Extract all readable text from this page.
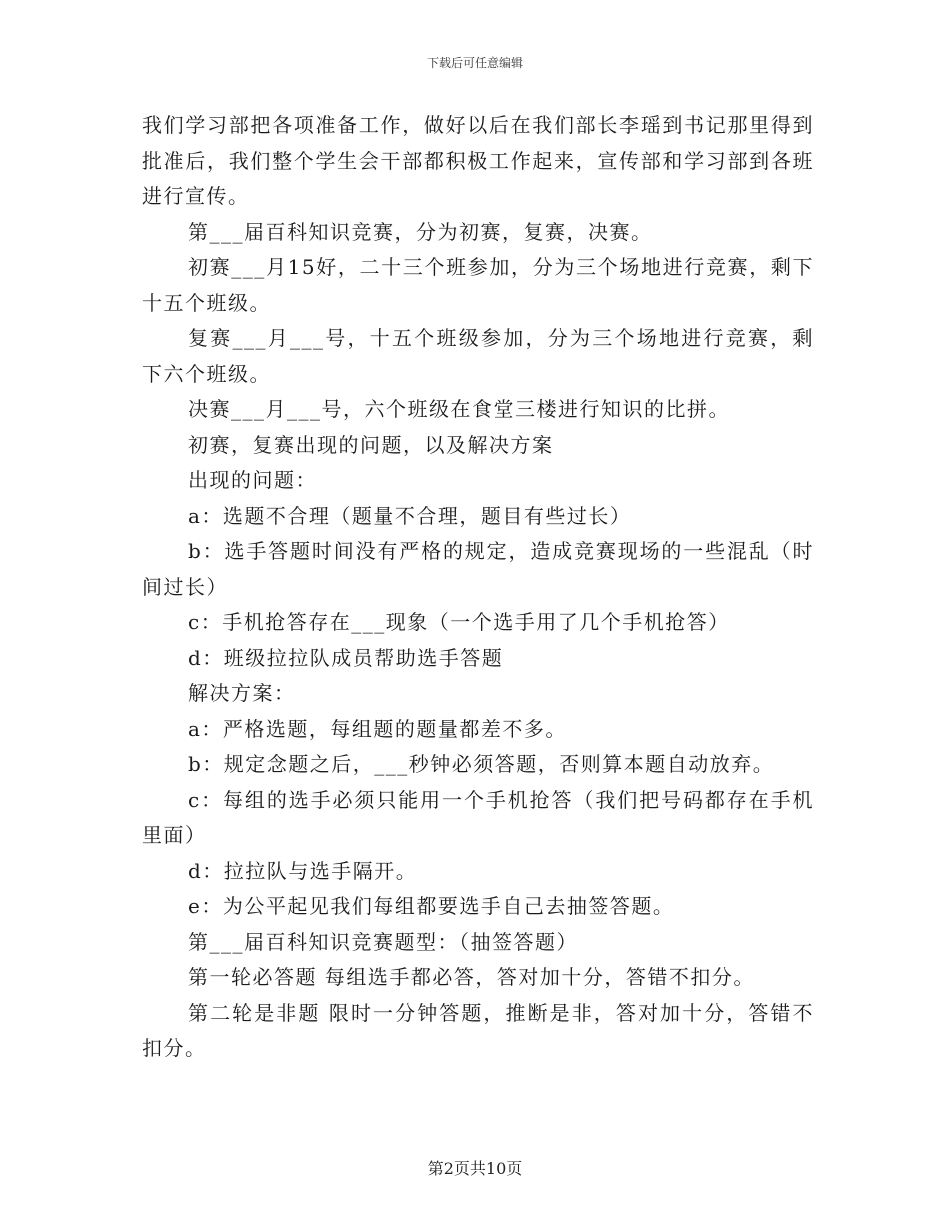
下载后可任意编辑

我们学习部把各项准备工作，做好以后在我们部长李瑶到书记那里得到批准后，我们整个学生会干部都积极工作起来，宣传部和学习部到各班进行宣传。

第___届百科知识竞赛，分为初赛，复赛，决赛。

初赛___月15好，二十三个班参加，分为三个场地进行竞赛，剩下十五个班级。

复赛___月___号，十五个班级参加，分为三个场地进行竞赛，剩下六个班级。

决赛___月___号，六个班级在食堂三楼进行知识的比拼。

初赛，复赛出现的问题，以及解决方案

出现的问题：

a：选题不合理（题量不合理，题目有些过长）

b：选手答题时间没有严格的规定，造成竞赛现场的一些混乱（时间过长）

c：手机抢答存在___现象（一个选手用了几个手机抢答）

d：班级拉拉队成员帮助选手答题

解决方案：

a：严格选题，每组题的题量都差不多。

b：规定念题之后，___秒钟必须答题，否则算本题自动放弃。

c：每组的选手必须只能用一个手机抢答（我们把号码都存在手机里面）

d：拉拉队与选手隔开。

e：为公平起见我们每组都要选手自己去抽签答题。

第___届百科知识竞赛题型：（抽签答题）

第一轮必答题 每组选手都必答，答对加十分，答错不扣分。

第二轮是非题 限时一分钟答题，推断是非，答对加十分，答错不扣分。

第2页共10页
